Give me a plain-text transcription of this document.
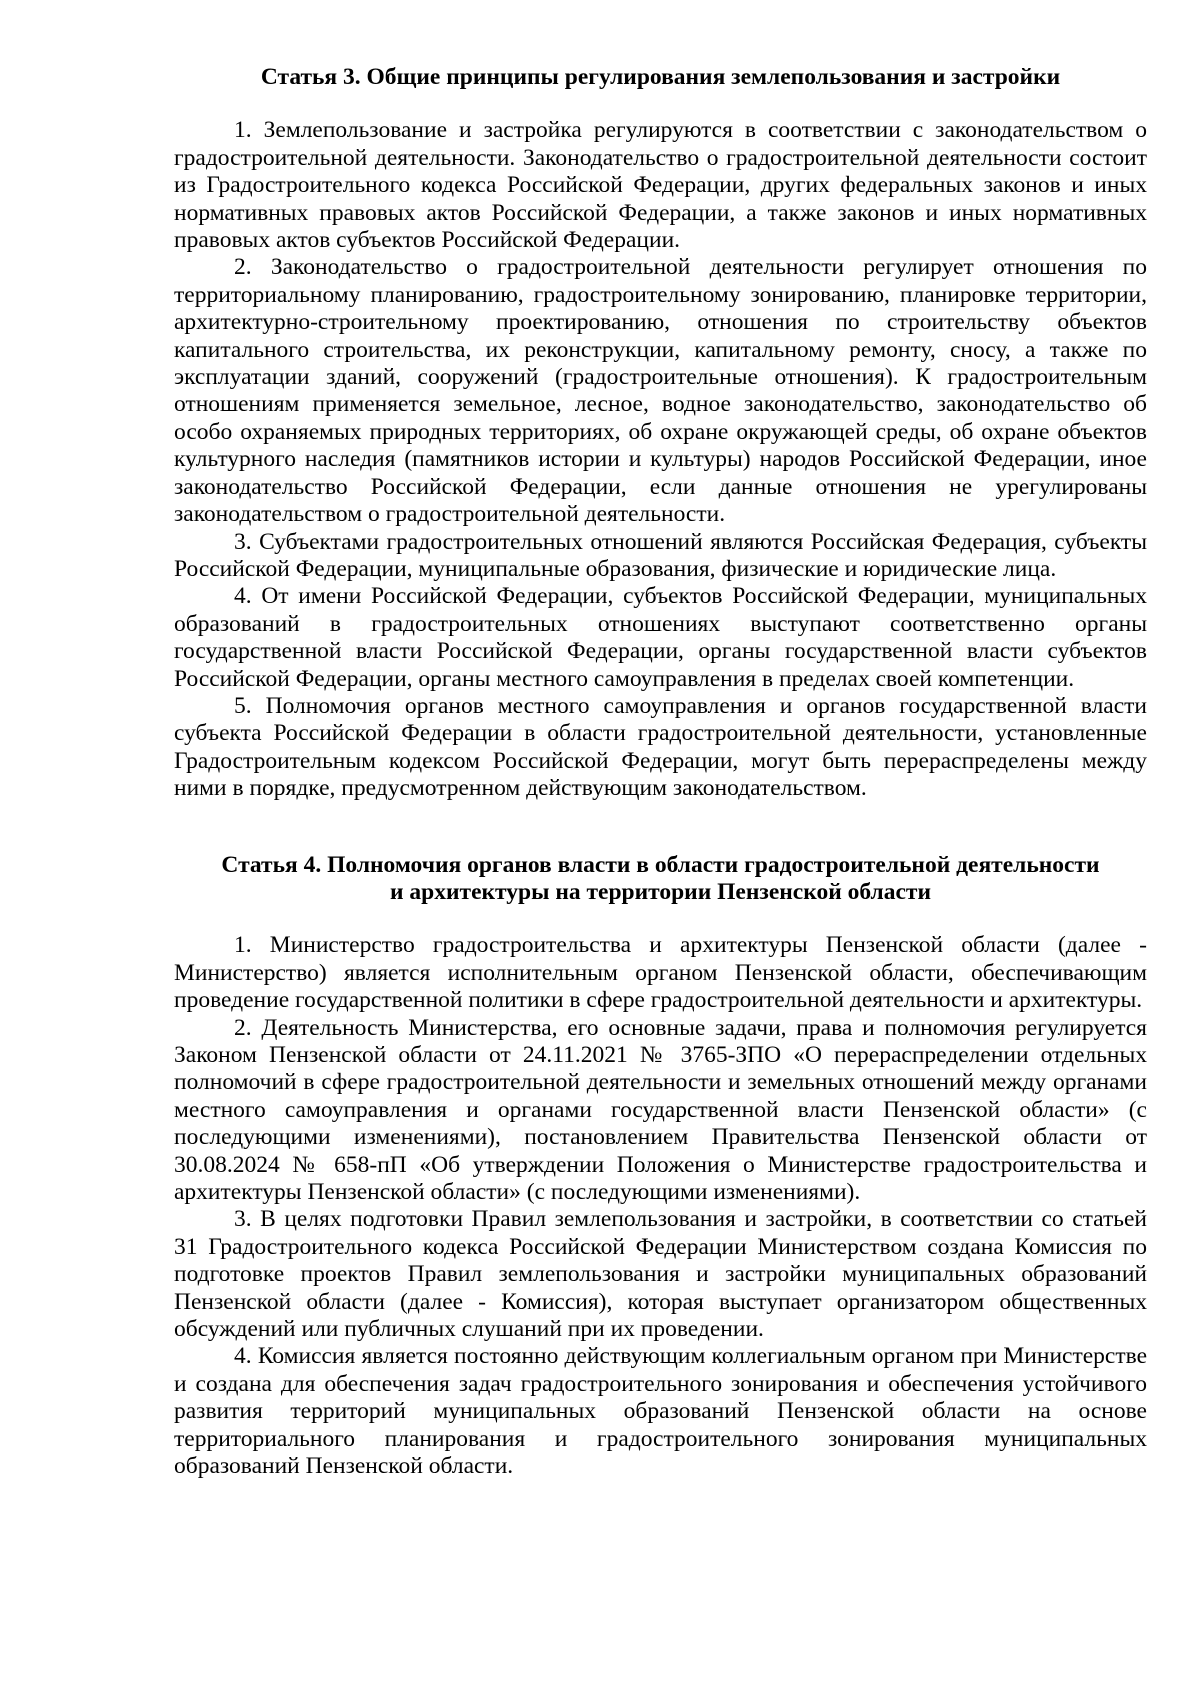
Статья 3. Общие принципы регулирования землепользования и застройки

1. Землепользование и застройка регулируются в соответствии с законодательством о градостроительной деятельности. Законодательство о градостроительной деятельности состоит из Градостроительного кодекса Российской Федерации, других федеральных законов и иных нормативных правовых актов Российской Федерации, а также законов и иных нормативных правовых актов субъектов Российской Федерации.

2. Законодательство о градостроительной деятельности регулирует отношения по территориальному планированию, градостроительному зонированию, планировке территории, архитектурно-строительному проектированию, отношения по строительству объектов капитального строительства, их реконструкции, капитальному ремонту, сносу, а также по эксплуатации зданий, сооружений (градостроительные отношения). К градостроительным отношениям применяется земельное, лесное, водное законодательство, законодательство об особо охраняемых природных территориях, об охране окружающей среды, об охране объектов культурного наследия (памятников истории и культуры) народов Российской Федерации, иное законодательство Российской Федерации, если данные отношения не урегулированы законодательством о градостроительной деятельности.

3. Субъектами градостроительных отношений являются Российская Федерация, субъекты Российской Федерации, муниципальные образования, физические и юридические лица.

4. От имени Российской Федерации, субъектов Российской Федерации, муниципальных образований в градостроительных отношениях выступают соответственно органы государственной власти Российской Федерации, органы государственной власти субъектов Российской Федерации, органы местного самоуправления в пределах своей компетенции.

5. Полномочия органов местного самоуправления и органов государственной власти субъекта Российской Федерации в области градостроительной деятельности, установленные Градостроительным кодексом Российской Федерации, могут быть перераспределены между ними в порядке, предусмотренном действующим законодательством.

Статья 4. Полномочия органов власти в области градостроительной деятельности
и архитектуры на территории Пензенской области

1. Министерство градостроительства и архитектуры Пензенской области (далее - Министерство) является исполнительным органом Пензенской области, обеспечивающим проведение государственной политики в сфере градостроительной деятельности и архитектуры.

2. Деятельность Министерства, его основные задачи, права и полномочия регулируется Законом Пензенской области от 24.11.2021 № 3765-ЗПО «О перераспределении отдельных полномочий в сфере градостроительной деятельности и земельных отношений между органами местного самоуправления и органами государственной власти Пензенской области» (с последующими изменениями), постановлением Правительства Пензенской области от 30.08.2024 № 658-пП «Об утверждении Положения о Министерстве градостроительства и архитектуры Пензенской области» (с последующими изменениями).

3. В целях подготовки Правил землепользования и застройки, в соответствии со статьей 31 Градостроительного кодекса Российской Федерации Министерством создана Комиссия по подготовке проектов Правил землепользования и застройки муниципальных образований Пензенской области (далее - Комиссия), которая выступает организатором общественных обсуждений или публичных слушаний при их проведении.

4. Комиссия является постоянно действующим коллегиальным органом при Министерстве и создана для обеспечения задач градостроительного зонирования и обеспечения устойчивого развития территорий муниципальных образований Пензенской области на основе территориального планирования и градостроительного зонирования муниципальных образований Пензенской области.
